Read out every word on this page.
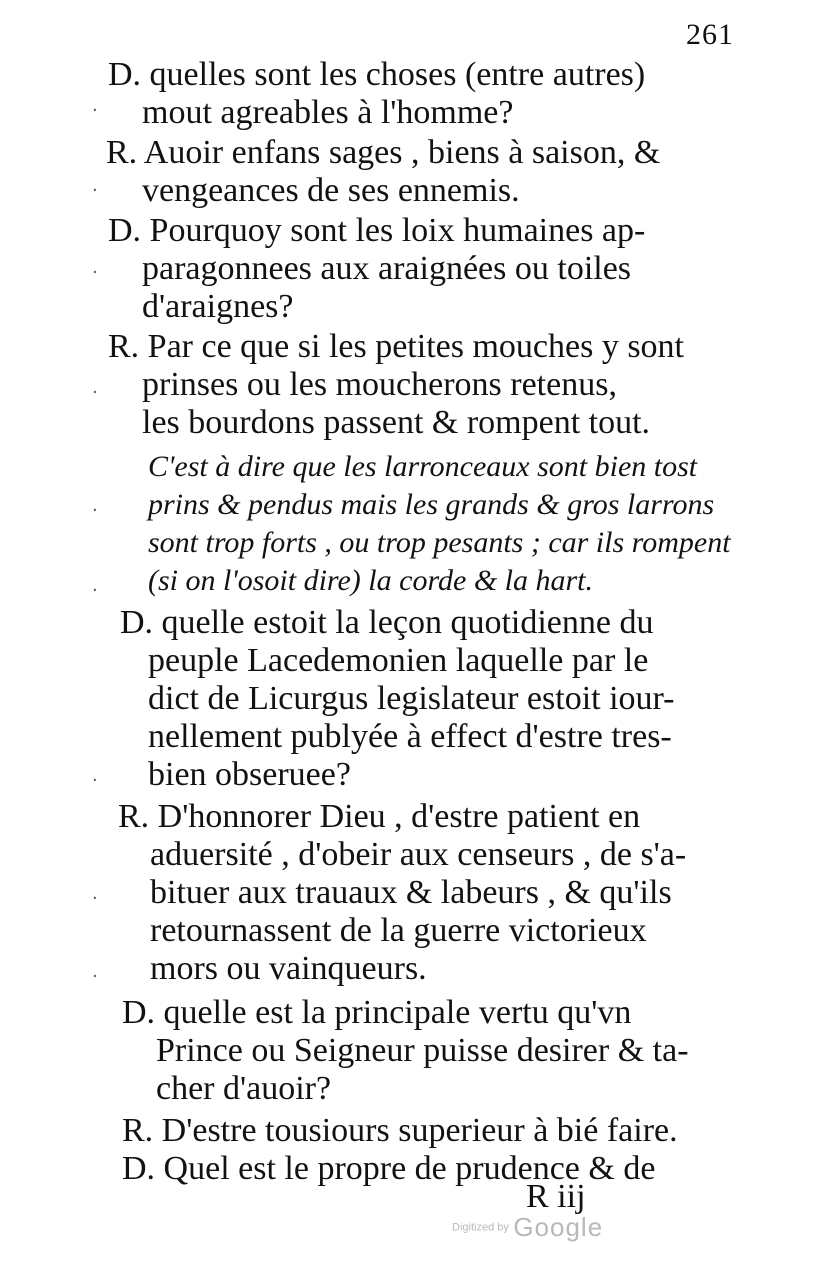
261
D. quelles sont les choses (entre autres)
mout agreables à l'homme?
R. Auoir enfans sages , biens à saison, &
vengeances de ses ennemis.
D. Pourquoy sont les loix humaines ap-
paragonnees aux araignées ou toiles
d'araignes?
R. Par ce que si les petites mouches y sont
prinses ou les moucherons retenus,
les bourdons passent & rompent tout.
C'est à dire que les larronceaux sont bien tost
prins & pendus mais les grands & gros larrons
sont trop forts , ou trop pesants ; car ils rompent
(si on l'osoit dire) la corde & la hart.
D. quelle estoit la leçon quotidienne du
peuple Lacedemonien laquelle par le
dict de Licurgus legislateur estoit iour-
nellement publyée à effect d'estre tres-
bien obseruee?
R. D'honnorer Dieu , d'estre patient en
aduersité , d'obeir aux censeurs , de s'a-
bituer aux trauaux & labeurs , & qu'ils
retournassent de la guerre victorieux
mors ou vainqueurs.
D. quelle est la principale vertu qu'vn
Prince ou Seigneur puisse desirer & ta-
cher d'auoir?
R. D'estre tousiours superieur à bié faire.
D. Quel est le propre de prudence & de
·
·
·
·
·
·
·
·
·
R iij
Digitized by Google
